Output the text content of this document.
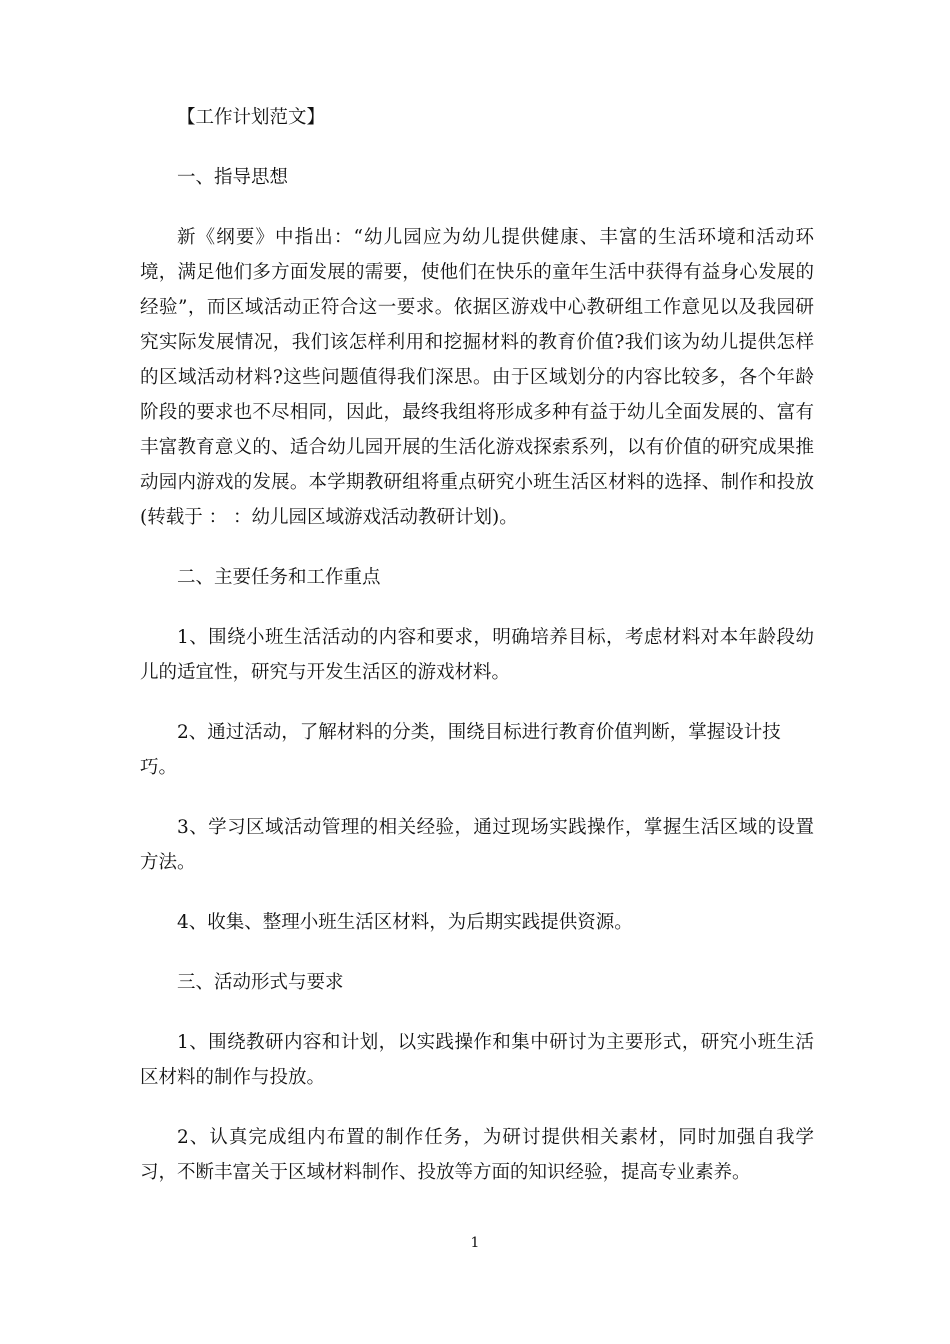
【工作计划范文】

一、指导思想

新《纲要》中指出：“幼儿园应为幼儿提供健康、丰富的生活环境和活动环境，满足他们多方面发展的需要，使他们在快乐的童年生活中获得有益身心发展的经验”，而区域活动正符合这一要求。依据区游戏中心教研组工作意见以及我园研究实际发展情况，我们该怎样利用和挖掘材料的教育价值?我们该为幼儿提供怎样的区域活动材料?这些问题值得我们深思。由于区域划分的内容比较多，各个年龄阶段的要求也不尽相同，因此，最终我组将形成多种有益于幼儿全面发展的、富有丰富教育意义的、适合幼儿园开展的生活化游戏探索系列，以有价值的研究成果推动园内游戏的发展。本学期教研组将重点研究小班生活区材料的选择、制作和投放(转载于 ： ：幼儿园区域游戏活动教研计划)。

二、主要任务和工作重点

1、围绕小班生活活动的内容和要求，明确培养目标，考虑材料对本年龄段幼儿的适宜性，研究与开发生活区的游戏材料。

2、通过活动，了解材料的分类，围绕目标进行教育价值判断，掌握设计技巧。

3、学习区域活动管理的相关经验，通过现场实践操作，掌握生活区域的设置方法。

4、收集、整理小班生活区材料，为后期实践提供资源。

三、活动形式与要求

1、围绕教研内容和计划，以实践操作和集中研讨为主要形式，研究小班生活区材料的制作与投放。

2、认真完成组内布置的制作任务，为研讨提供相关素材，同时加强自我学习，不断丰富关于区域材料制作、投放等方面的知识经验，提高专业素养。

1
